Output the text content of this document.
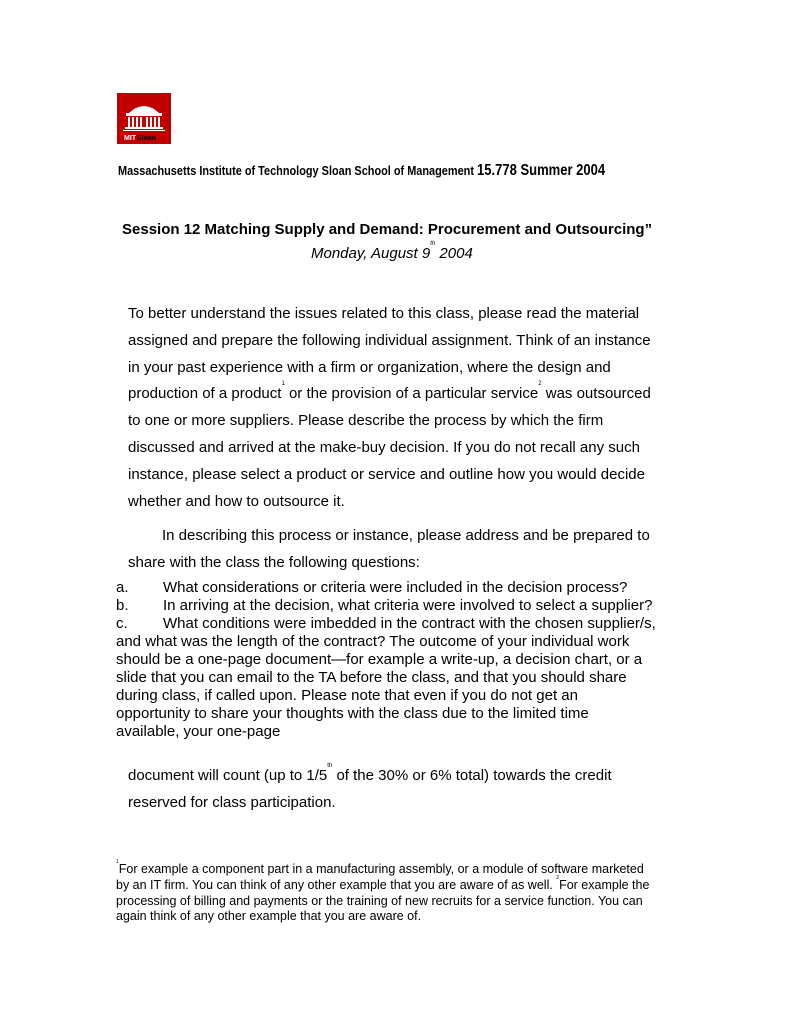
MIT Sloan
Massachusetts Institute of Technology Sloan School of Management 15.778 Summer 2004
Session 12 Matching Supply and Demand: Procurement and Outsourcing”
Monday, August 9th 2004
To better understand the issues related to this class, please read the material
assigned and prepare the following individual assignment. Think of an instance
in your past experience with a firm or organization, where the design and
production of a product$^1$ or the provision of a particular service$^2$ was outsourced
to one or more suppliers. Please describe the process by which the firm
discussed and arrived at the make-buy decision. If you do not recall any such
instance, please select a product or service and outline how you would decide
whether and how to outsource it.
In describing this process or instance, please address and be prepared to
share with the class the following questions:
a. What considerations or criteria were included in the decision process?
b. In arriving at the decision, what criteria were involved to select a supplier?
c. What conditions were imbedded in the contract with the chosen supplier/s,
and what was the length of the contract? The outcome of your individual work
should be a one-page document—for example a write-up, a decision chart, or a
slide that you can email to the TA before the class, and that you should share
during class, if called upon. Please note that even if you do not get an
opportunity to share your thoughts with the class due to the limited time
available, your one-page
document will count (up to 1/5th of the 30% or 6% total) towards the credit
reserved for class participation.
$^1$For example a component part in a manufacturing assembly, or a module of software marketed
by an IT firm. You can think of any other example that you are aware of as well. $^2$For example the
processing of billing and payments or the training of new recruits for a service function. You can
again think of any other example that you are aware of.
